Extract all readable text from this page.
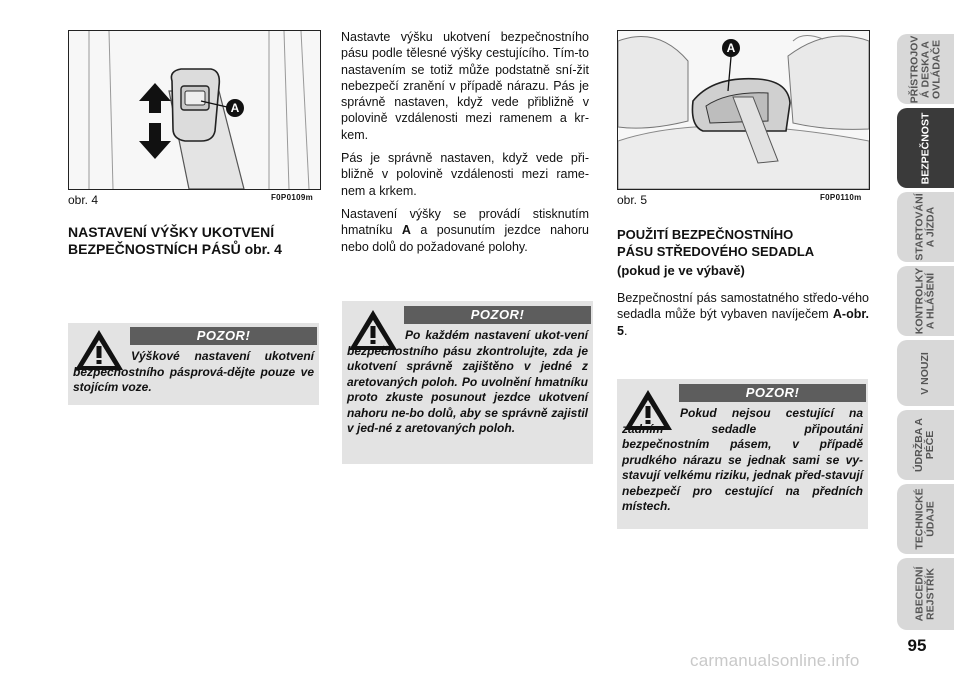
A
obr. 4	F0P0109m
NASTAVENÍ VÝŠKY UKOTVENÍ
BEZPEČNOSTNÍCH PÁSŮ obr. 4
POZOR!
Výškové nastavení ukotvení bezpečnostního pásprová-dějte pouze ve stojícím voze.

Nastavte výšku ukotvení bezpečnostního pásu podle tělesné výšky cestujícího. Tím-to nastavením se totiž může podstatně sní-žit nebezpečí zranění v případě nárazu. Pás je správně nastaven, když vede přibližně v polovině vzdálenosti mezi ramenem a kr-kem.

Pás je správně nastaven, když vede při-bližně v polovině vzdálenosti mezi rame-nem a krkem.

Nastavení výšky se provádí stisknutím hmatníku A a posunutím jezdce nahoru nebo dolů do požadované polohy.

POZOR!
Po každém nastavení ukot-vení bezpečnostního pásu zkontrolujte, zda je ukotvení správně zajištěno v jedné z aretovaných poloh. Po uvolnění hmatníku proto zkuste posunout jezdce ukotvení nahoru ne-bo dolů, aby se správně zajistil v jed-né z aretovaných poloh.
A
obr. 5	F0P0110m
POUŽITÍ BEZPEČNOSTNÍHO
PÁSU STŘEDOVÉHO SEDADLA
(pokud je ve výbavě)

Bezpečnostní pás samostatného středo-vého sedadla může být vybaven navíječem A-obr. 5.

POZOR!
Pokud nejsou cestující na zadním sedadle připoutáni bezpečnostním pásem, v případě prudkého nárazu se jednak sami se vy-stavují velkému riziku, jednak před-stavují nebezpečí pro cestující na předních místech.
PŘÍSTROJOV
Á DESKA A
OVLÁDAČE
BEZPEČNOST
STARTOVÁNÍ
A JÍZDA
KONTROLKY
A HLÁŠENÍ
V NOUZI
ÚDRŽBA A
PÉČE
TECHNICKÉ
ÚDAJE
ABECEDNÍ
REJSTŘÍK
95
carmanualsonline.info
